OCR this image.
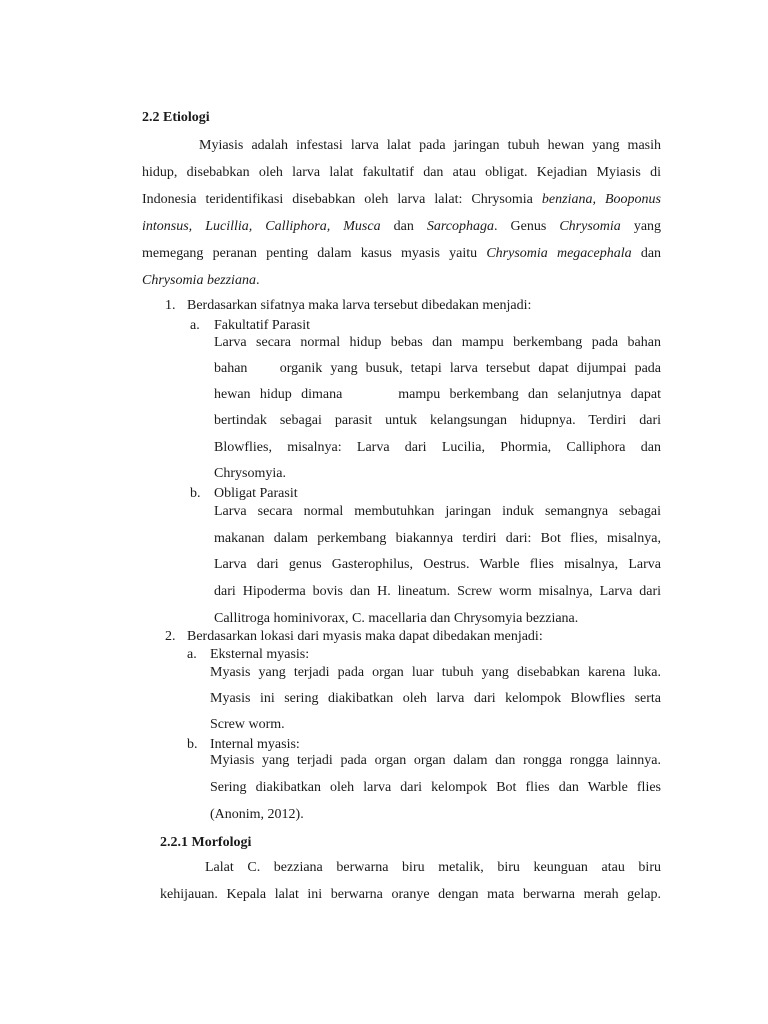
2.2 Etiologi
Myiasis adalah infestasi larva lalat pada jaringan tubuh hewan yang masih
hidup, disebabkan oleh larva lalat fakultatif dan atau obligat. Kejadian Myiasis di
Indonesia teridentifikasi disebabkan oleh larva lalat: Chrysomia benziana, Booponus
intonsus, Lucillia, Calliphora, Musca dan Sarcophaga. Genus Chrysomia yang
memegang peranan penting dalam kasus myasis yaitu Chrysomia megacephala dan
Chrysomia bezziana.
1. Berdasarkan sifatnya maka larva tersebut dibedakan menjadi:
a. Fakultatif Parasit
Larva secara normal hidup bebas dan mampu berkembang pada bahan
bahan    organik yang busuk, tetapi larva tersebut dapat dijumpai pada
hewan hidup dimana      mampu berkembang dan selanjutnya dapat
bertindak sebagai parasit untuk kelangsungan hidupnya. Terdiri dari
Blowflies, misalnya: Larva dari Lucilia, Phormia, Calliphora dan
Chrysomyia.
b. Obligat Parasit
Larva secara normal membutuhkan jaringan induk semangnya sebagai
makanan dalam perkembang biakannya terdiri dari: Bot flies, misalnya,
Larva dari genus Gasterophilus, Oestrus. Warble flies misalnya, Larva
dari Hipoderma bovis dan H. lineatum. Screw worm misalnya, Larva dari
Callitroga hominivorax, C. macellaria dan Chrysomyia bezziana.
2. Berdasarkan lokasi dari myasis maka dapat dibedakan menjadi:
a. Eksternal myasis:
Myasis yang terjadi pada organ luar tubuh yang disebabkan karena luka.
Myasis ini sering diakibatkan oleh larva dari kelompok Blowflies serta
Screw worm.
b. Internal myasis:
Myiasis yang terjadi pada organ organ dalam dan rongga rongga lainnya.
Sering diakibatkan oleh larva dari kelompok Bot flies dan Warble flies
(Anonim, 2012).
2.2.1 Morfologi
Lalat C. bezziana berwarna biru metalik, biru keunguan atau biru
kehijauan. Kepala lalat ini berwarna oranye dengan mata berwarna merah gelap.
